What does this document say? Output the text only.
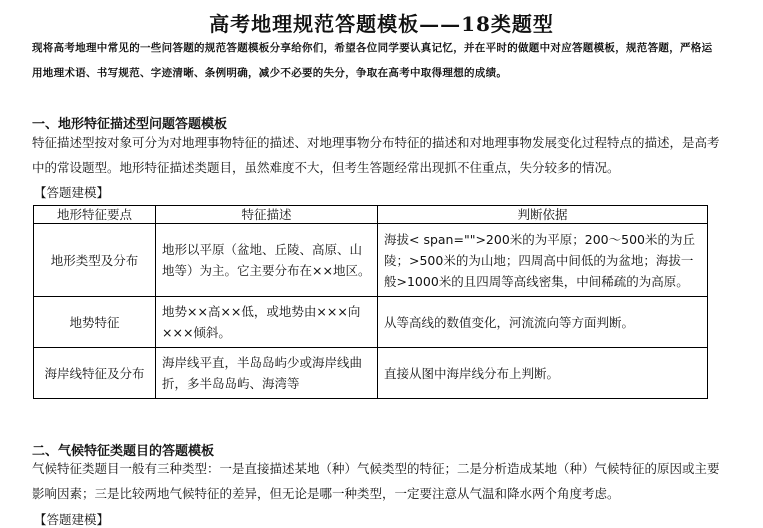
高考地理规范答题模板——18类题型
现将高考地理中常见的一些问答题的规范答题模板分享给你们，希望各位同学要认真记忆，并在平时的做题中对应答题模板，规范答题，严格运用地理术语、书写规范、字迹清晰、条例明确，减少不必要的失分，争取在高考中取得理想的成绩。
一、地形特征描述型问题答题模板
特征描述型按对象可分为对地理事物特征的描述、对地理事物分布特征的描述和对地理事物发展变化过程特点的描述，是高考中的常设题型。地形特征描述类题目，虽然难度不大，但考生答题经常出现抓不住重点，失分较多的情况。
【答题建模】
地形特征要点	特征描述	判断依据
地形类型及分布	地形以平原（盆地、丘陵、高原、山地等）为主。它主要分布在××地区。	海拔< span="">200米的为平原；200～500米的为丘陵；>500米的为山地；四周高中间低的为盆地；海拔一般>1000米的且四周等高线密集，中间稀疏的为高原。
地势特征	地势××高××低，或地势由×××向×××倾斜。	从等高线的数值变化，河流流向等方面判断。
海岸线特征及分布	海岸线平直，半岛岛屿少或海岸线曲折，多半岛岛屿、海湾等	直接从图中海岸线分布上判断。
二、气候特征类题目的答题模板
气候特征类题目一般有三种类型：一是直接描述某地（种）气候类型的特征；二是分析造成某地（种）气候特征的原因或主要影响因素；三是比较两地气候特征的差异，但无论是哪一种类型，一定要注意从气温和降水两个角度考虑。
【答题建模】
